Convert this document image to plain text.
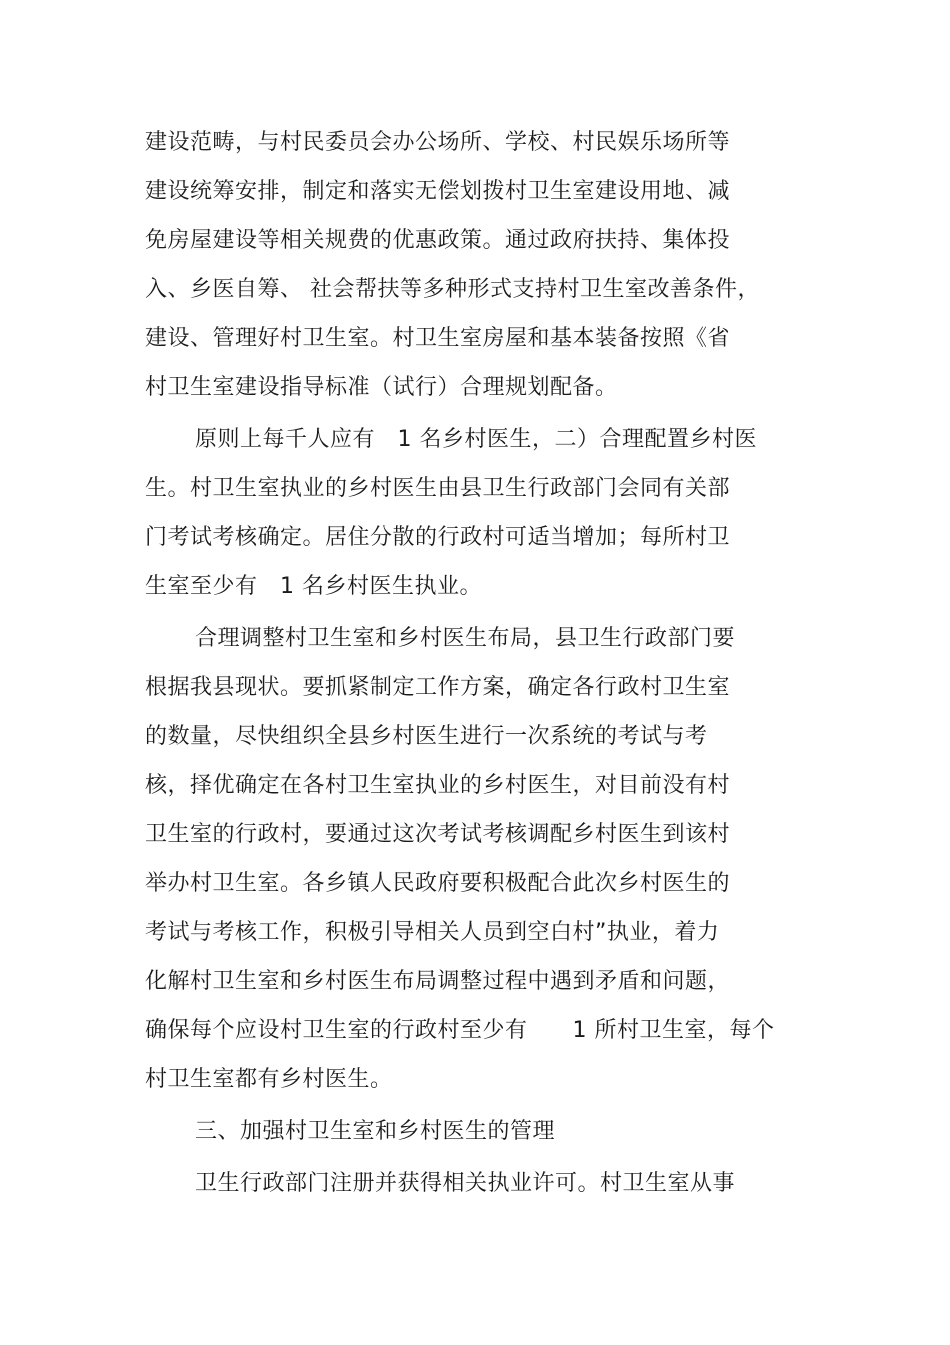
建设范畴，与村民委员会办公场所、学校、村民娱乐场所等
建设统筹安排，制定和落实无偿划拨村卫生室建设用地、减
免房屋建设等相关规费的优惠政策。通过政府扶持、集体投
入、乡医自筹、 社会帮扶等多种形式支持村卫生室改善条件，
建设、管理好村卫生室。村卫生室房屋和基本装备按照《省
村卫生室建设指导标准（试行）合理规划配备。
原则上每千人应有　1 名乡村医生，二）合理配置乡村医
生。村卫生室执业的乡村医生由县卫生行政部门会同有关部
门考试考核确定。居住分散的行政村可适当增加；每所村卫
生室至少有　1 名乡村医生执业。
合理调整村卫生室和乡村医生布局，县卫生行政部门要
根据我县现状。要抓紧制定工作方案，确定各行政村卫生室
的数量，尽快组织全县乡村医生进行一次系统的考试与考
核，择优确定在各村卫生室执业的乡村医生，对目前没有村
卫生室的行政村，要通过这次考试考核调配乡村医生到该村
举办村卫生室。各乡镇人民政府要积极配合此次乡村医生的
考试与考核工作，积极引导相关人员到空白村”执业，着力
化解村卫生室和乡村医生布局调整过程中遇到矛盾和问题，
确保每个应设村卫生室的行政村至少有　　1 所村卫生室，每个
村卫生室都有乡村医生。
三、加强村卫生室和乡村医生的管理
卫生行政部门注册并获得相关执业许可。村卫生室从事
